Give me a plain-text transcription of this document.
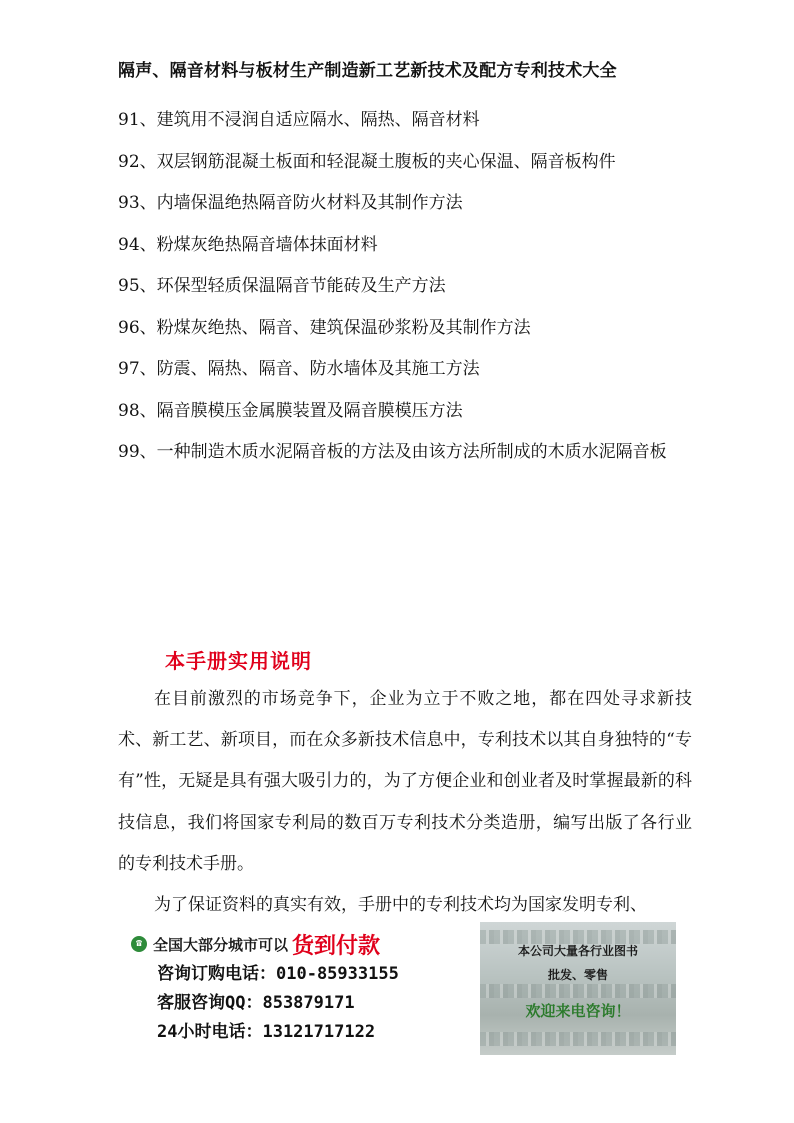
隔声、隔音材料与板材生产制造新工艺新技术及配方专利技术大全
91、建筑用不浸润自适应隔水、隔热、隔音材料
92、双层钢筋混凝土板面和轻混凝土腹板的夹心保温、隔音板构件
93、内墙保温绝热隔音防火材料及其制作方法
94、粉煤灰绝热隔音墙体抹面材料
95、环保型轻质保温隔音节能砖及生产方法
96、粉煤灰绝热、隔音、建筑保温砂浆粉及其制作方法
97、防震、隔热、隔音、防水墙体及其施工方法
98、隔音膜模压金属膜装置及隔音膜模压方法
99、一种制造木质水泥隔音板的方法及由该方法所制成的木质水泥隔音板
本手册实用说明

在目前激烈的市场竞争下，企业为立于不败之地，都在四处寻求新技术、新工艺、新项目，而在众多新技术信息中，专利技术以其自身独特的“专有”性，无疑是具有强大吸引力的，为了方便企业和创业者及时掌握最新的科技信息，我们将国家专利局的数百万专利技术分类造册，编写出版了各行业的专利技术手册。

为了保证资料的真实有效，手册中的专利技术均为国家发明专利、

☎ 全国大部分城市可以 货到付款
咨询订购电话：010-85933155
客服咨询QQ：853879171
24小时电话：13121717122
本公司大量各行业图书
批发、零售
欢迎来电咨询！
